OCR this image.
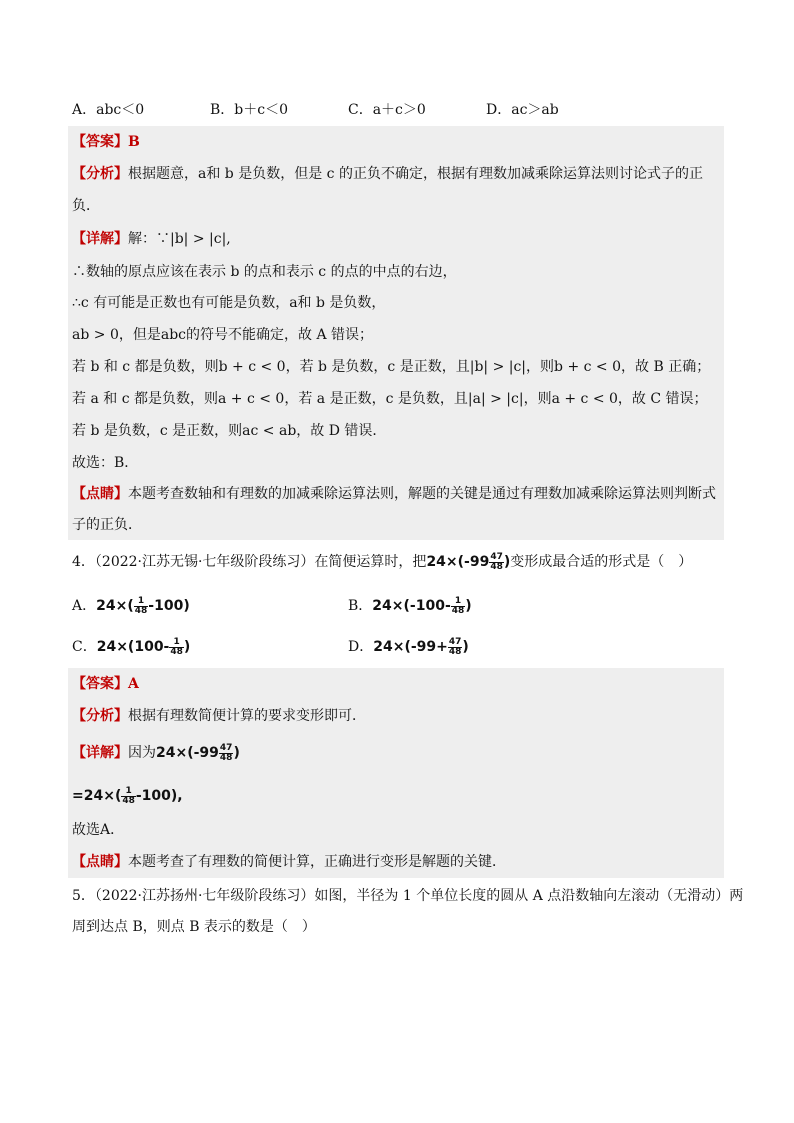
A．abc＜0	B．b＋c＜0	C．a＋c＞0	D．ac＞ab
【答案】B
【分析】根据题意，a和 b 是负数，但是 c 的正负不确定，根据有理数加减乘除运算法则讨论式子的正
负．
【详解】解：∵|b| > |c|,
∴数轴的原点应该在表示 b 的点和表示 c 的点的中点的右边，
∴c 有可能是正数也有可能是负数，a和 b 是负数，
ab > 0，但是abc的符号不能确定，故 A 错误；
若 b 和 c 都是负数，则b + c < 0，若 b 是负数，c 是正数，且|b| > |c|，则b + c < 0，故 B 正确；
若 a 和 c 都是负数，则a + c < 0，若 a 是正数，c 是负数，且|a| > |c|，则a + c < 0，故 C 错误；
若 b 是负数，c 是正数，则ac < ab，故 D 错误．
故选：B．
【点睛】本题考查数轴和有理数的加减乘除运算法则，解题的关键是通过有理数加减乘除运算法则判断式
子的正负．
4．（2022·江苏无锡·七年级阶段练习）在简便运算时，把$24\times(-99 \frac{47}{48}$ )变形成最合适的形式是（　）
A．$24\times( \frac{1}{48} -100)$	B．$24\times(-100- \frac{1}{48}$ )
C．$24\times(100- \frac{1}{48}$ )	D．$24\times(-99+ \frac{47}{48}$ )
【答案】A
【分析】根据有理数简便计算的要求变形即可．
【详解】因为$24\times(-99 \frac{47}{48}$ )
$=24\times( \frac{1}{48} -100)$,
故选A．
【点睛】本题考查了有理数的简便计算，正确进行变形是解题的关键．
5．（2022·江苏扬州·七年级阶段练习）如图，半径为 1 个单位长度的圆从 A 点沿数轴向左滚动（无滑动）两
周到达点 B，则点 B 表示的数是（　）
